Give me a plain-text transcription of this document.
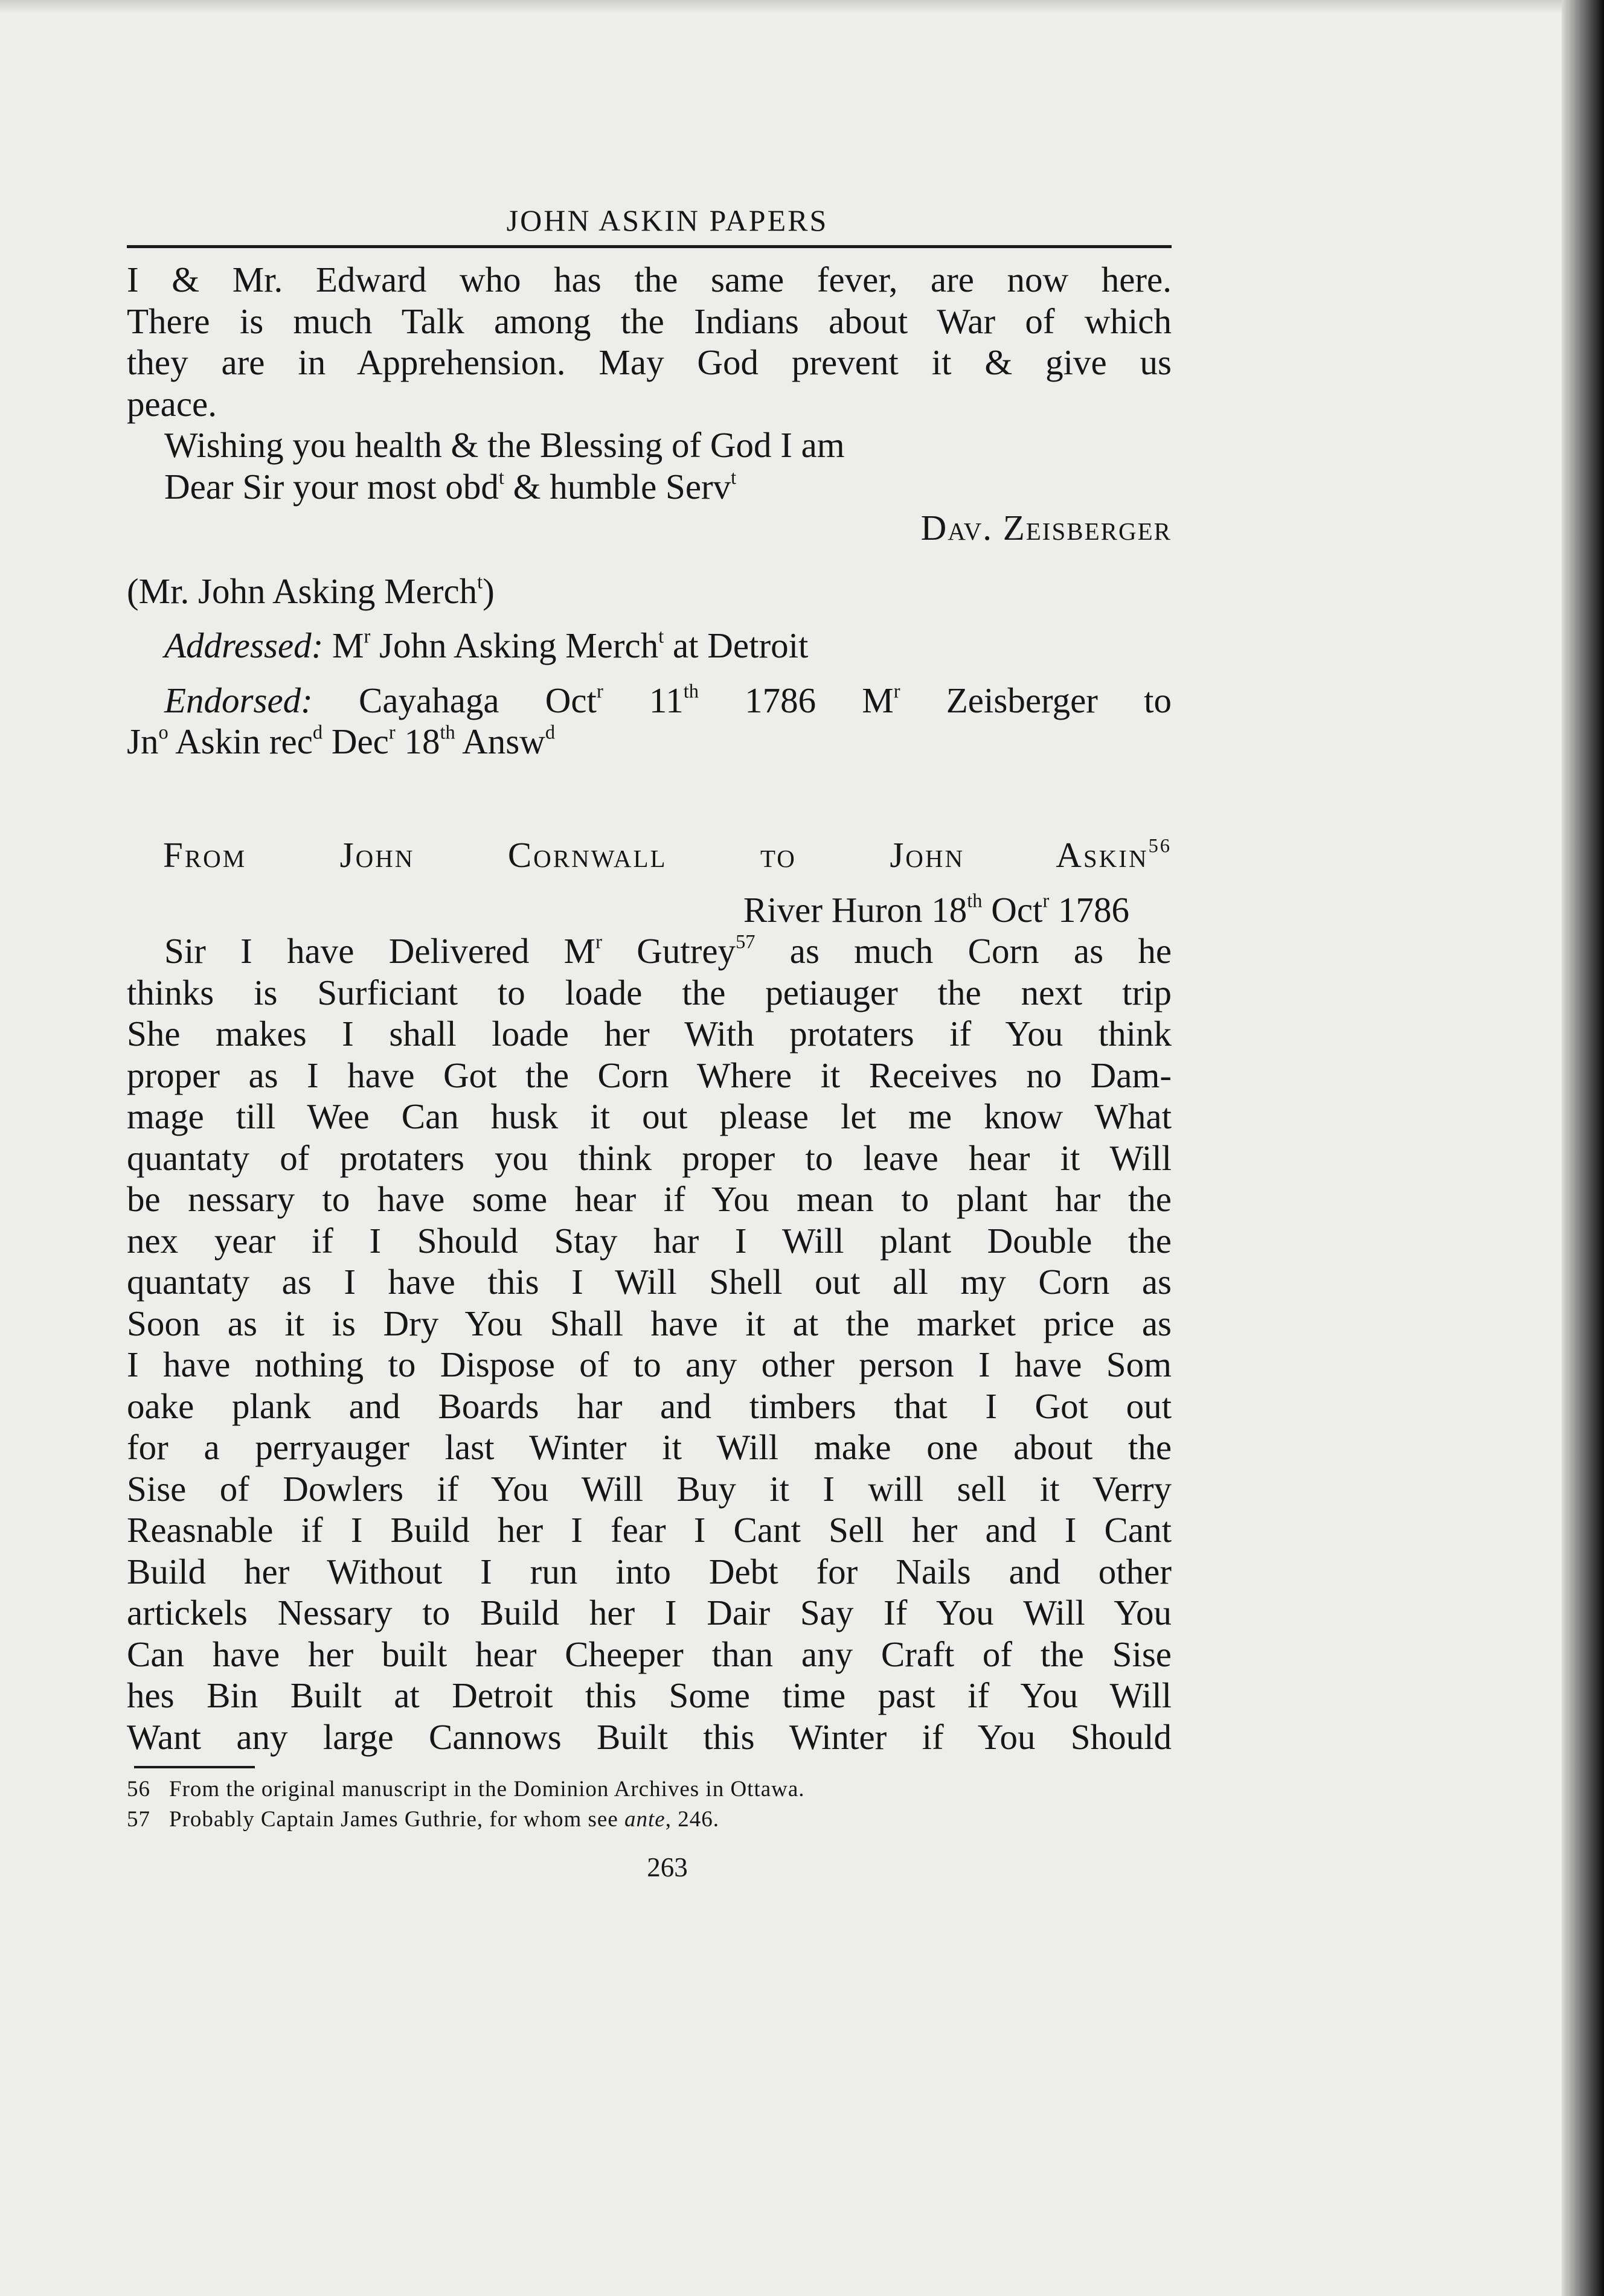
JOHN ASKIN PAPERS
I & Mr. Edward who has the same fever, are now here.
There is much Talk among the Indians about War of which
they are in Apprehension. May God prevent it & give us
peace.
Wishing you health & the Blessing of God I am
Dear Sir your most obd$^t$ & humble Serv$^t$
Dav. Zeisberger
(Mr. John Asking Merch$^t$)
Addressed: $M^r$ John Asking Merch$^t$ at Detroit
Endorsed: Cayahaga Oct$^r$ 11th 1786 $M^r$ Zeisberger to
Jn$^o$ Askin rec$^d$ Dec$^r$ 18th Answ$^d$
From John Cornwall to John Askin$^{56}$
River Huron 18th Oct$^r$ 1786
Sir I have Delivered $M^r$ Gutrey$^{57}$ as much Corn as he
thinks is Surficiant to loade the petiauger the next trip
She makes I shall loade her With protaters if You think
proper as I have Got the Corn Where it Receives no Dam-
mage till Wee Can husk it out please let me know What
quantaty of protaters you think proper to leave hear it Will
be nessary to have some hear if You mean to plant har the
nex year if I Should Stay har I Will plant Double the
quantaty as I have this I Will Shell out all my Corn as
Soon as it is Dry You Shall have it at the market price as
I have nothing to Dispose of to any other person I have Som
oake plank and Boards har and timbers that I Got out
for a perryauger last Winter it Will make one about the
Sise of Dowlers if You Will Buy it I will sell it Verry
Reasnable if I Build her I fear I Cant Sell her and I Cant
Build her Without I run into Debt for Nails and other
artickels Nessary to Build her I Dair Say If You Will You
Can have her built hear Cheeper than any Craft of the Sise
hes Bin Built at Detroit this Some time past if You Will
Want any large Cannows Built this Winter if You Should
56 From the original manuscript in the Dominion Archives in Ottawa.
57 Probably Captain James Guthrie, for whom see ante, 246.
263
